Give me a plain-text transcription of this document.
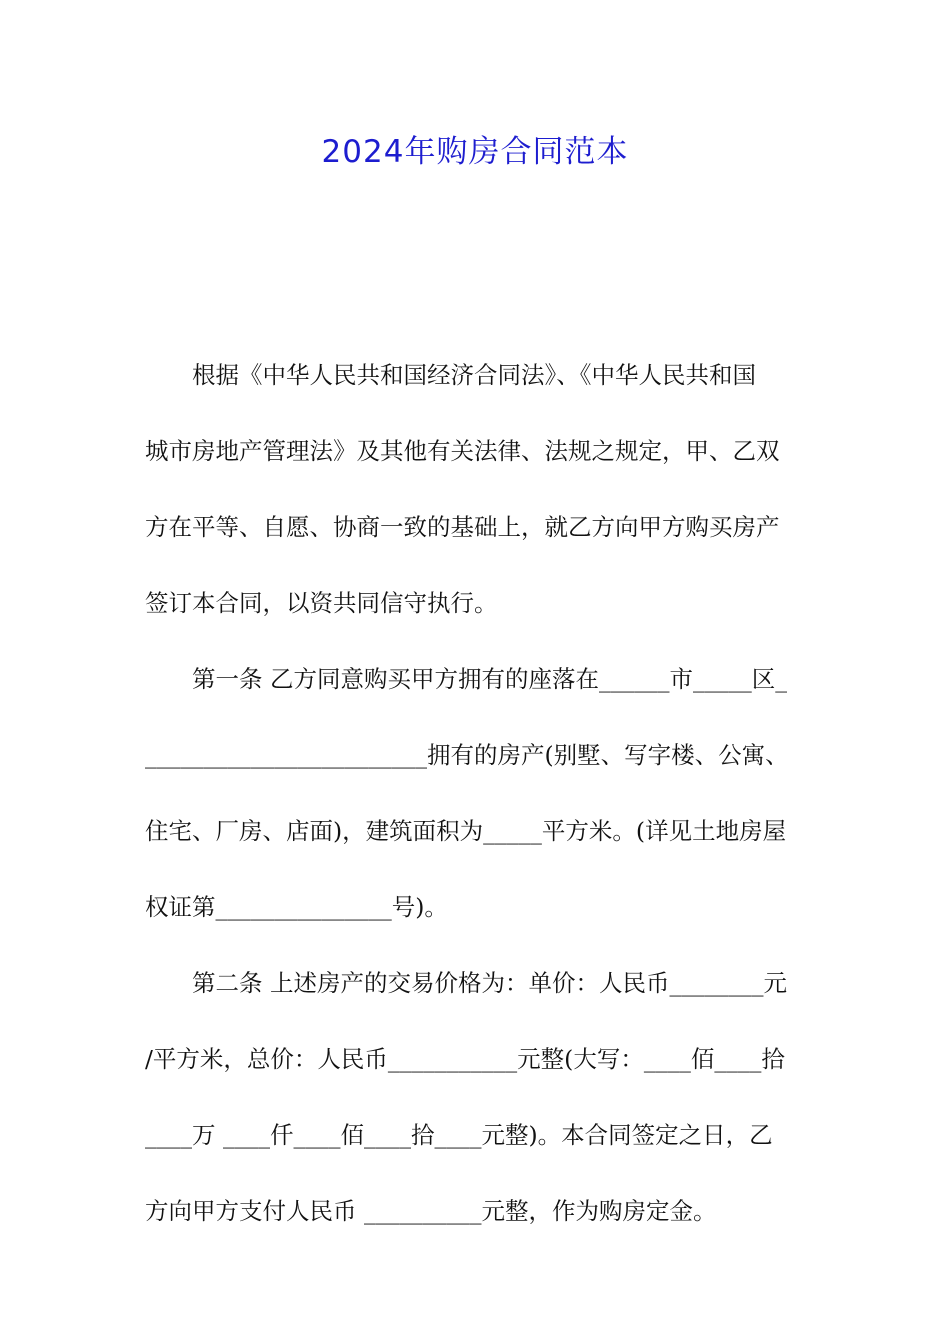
2024年购房合同范本
根据《中华人民共和国经济合同法》、《中华人民共和国
城市房地产管理法》及其他有关法律、法规之规定，甲、乙双
方在平等、自愿、协商一致的基础上，就乙方向甲方购买房产
签订本合同，以资共同信守执行。
第一条 乙方同意购买甲方拥有的座落在______市_____区_
________________________拥有的房产(别墅、写字楼、公寓、
住宅、厂房、店面)，建筑面积为_____平方米。(详见土地房屋
权证第_______________号)。
第二条 上述房产的交易价格为：单价：人民币________元
/平方米，总价：人民币___________元整(大写：____佰____拾
____万 ____仟____佰____拾____元整)。本合同签定之日，乙
方向甲方支付人民币 __________元整，作为购房定金。
